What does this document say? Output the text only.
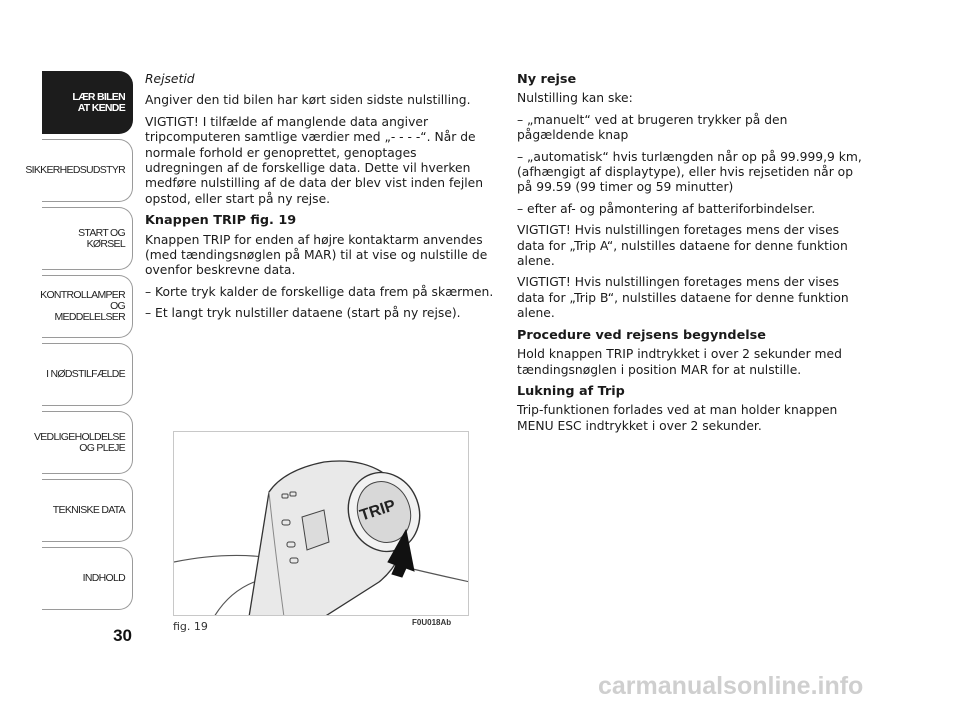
LÆR BILEN
AT KENDE
SIKKERHEDSUDSTYR
START OG KØRSEL
KONTROLLAMPER
OG MEDDELELSER
I NØDSTILFÆLDE
VEDLIGEHOLDELSE
OG PLEJE
TEKNISKE DATA
INDHOLD
30

Rejsetid

Angiver den tid bilen har kørt siden sidste nulstilling.

VIGTIGT! I tilfælde af manglende data angiver tripcomputeren samtlige værdier med „- - - -“. Når de normale forhold er genoprettet, genoptages udregningen af de forskellige data. Dette vil hverken medføre nulstilling af de data der blev vist inden fejlen opstod, eller start på ny rejse.

Knappen TRIP fig. 19

Knappen TRIP for enden af højre kontaktarm anvendes (med tændingsnøglen på MAR) til at vise og nulstille de ovenfor beskrevne data.

– Korte tryk kalder de forskellige data frem på skærmen.

– Et langt tryk nulstiller dataene (start på ny rejse).

Ny rejse

Nulstilling kan ske:

– „manuelt“ ved at brugeren trykker på den pågældende knap

– „automatisk“ hvis turlængden når op på 99.999,9 km, (afhængigt af displaytype), eller hvis rejsetiden når op på 99.59 (99 timer og 59 minutter)

– efter af- og påmontering af batteriforbindelser.

VIGTIGT! Hvis nulstillingen foretages mens der vises data for „Trip A“, nulstilles dataene for denne funktion alene.

VIGTIGT! Hvis nulstillingen foretages mens der vises data for „Trip B“, nulstilles dataene for denne funktion alene.

Procedure ved rejsens begyndelse

Hold knappen TRIP indtrykket i over 2 sekunder med tændingsnøglen i position MAR for at nulstille.

Lukning af Trip

Trip-funktionen forlades ved at man holder knappen MENU ESC indtrykket i over 2 sekunder.

TRIP
fig. 19	F0U018Ab
carmanualsonline.info
